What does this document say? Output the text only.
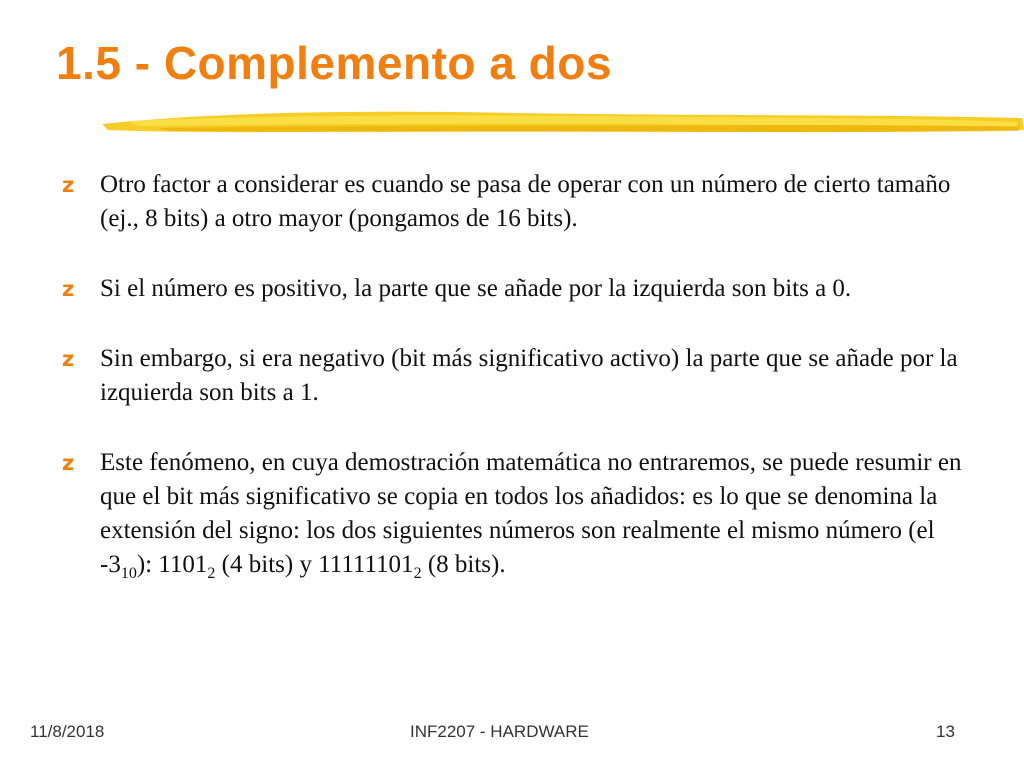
1.5 - Complemento a dos
z	Otro factor a considerar es cuando se pasa de operar con un número de cierto tamaño (ej., 8 bits) a otro mayor (pongamos de 16 bits).
z	Si el número es positivo, la parte que se añade por la izquierda son bits a 0.
z	Sin embargo, si era negativo (bit más significativo activo) la parte que se añade por la izquierda son bits a 1.
z	Este fenómeno, en cuya demostración matemática no entraremos, se puede resumir en que el bit más significativo se copia en todos los añadidos: es lo que se denomina la extensión del signo: los dos siguientes números son realmente el mismo número (el $-3_{10}$): $1101_2$ (4 bits) y $11111101_2$ (8 bits).
11/8/2018	INF2207 - HARDWARE	13
